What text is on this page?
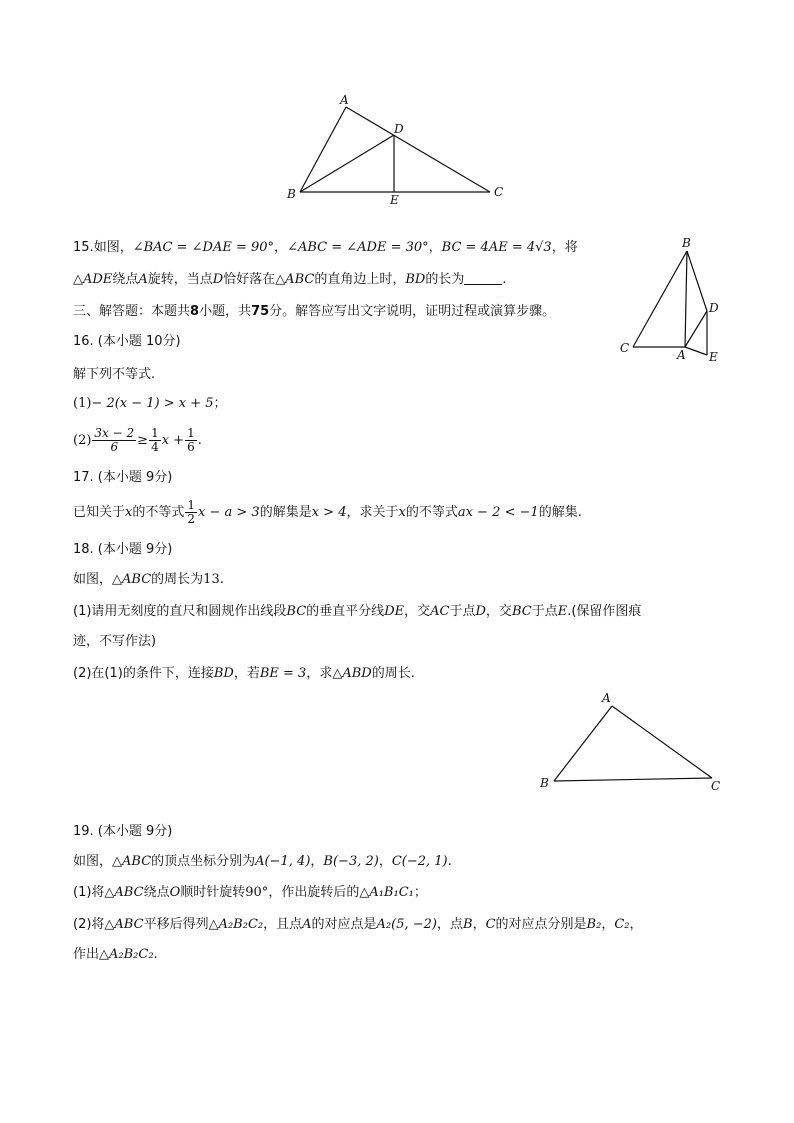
A
D
B	E
C
B
D
C	A E
15.如图，∠BAC = ∠DAE = 90°，∠ABC = ∠ADE = 30°，BC = 4AE = 4√3，将
△ADE绕点A旋转，当点D恰好落在△ABC的直角边上时，BD的长为	.
三、解答题：本题共8小题，共75分。解答应写出文字说明，证明过程或演算步骤。
16. (本小题 10分)
解下列不等式.
(1)− 2(x − 1) > x + 5；
$(2) \frac{3x - 2}{6} \ge \frac{1}{4}$ $x + \frac{1}{6}$ .
17. (本小题 9分)
已知关于x的不等式 $\frac{1}{2}$ x − a > 3的解集是x > 4，求关于x的不等式ax − 2 < −1的解集.
18. (本小题 9分)
如图，△ABC的周长为13.
(1)请用无刻度的直尺和圆规作出线段BC的垂直平分线DE，交AC于点D，交BC于点E.(保留作图痕
迹，不写作法)
(2)在(1)的条件下，连接BD，若BE = 3，求△ABD的周长.
A
B	C
19. (本小题 9分)
如图，△ABC的顶点坐标分别为A(−1, 4)，B(−3, 2)，C(−2, 1).
(1)将△ABC绕点O顺时针旋转90°，作出旋转后的△A₁B₁C₁；
(2)将△ABC平移后得列△A₂B₂C₂，且点A的对应点是A₂(5, −2)，点B，C的对应点分别是B₂，C₂，
作出△A₂B₂C₂.
